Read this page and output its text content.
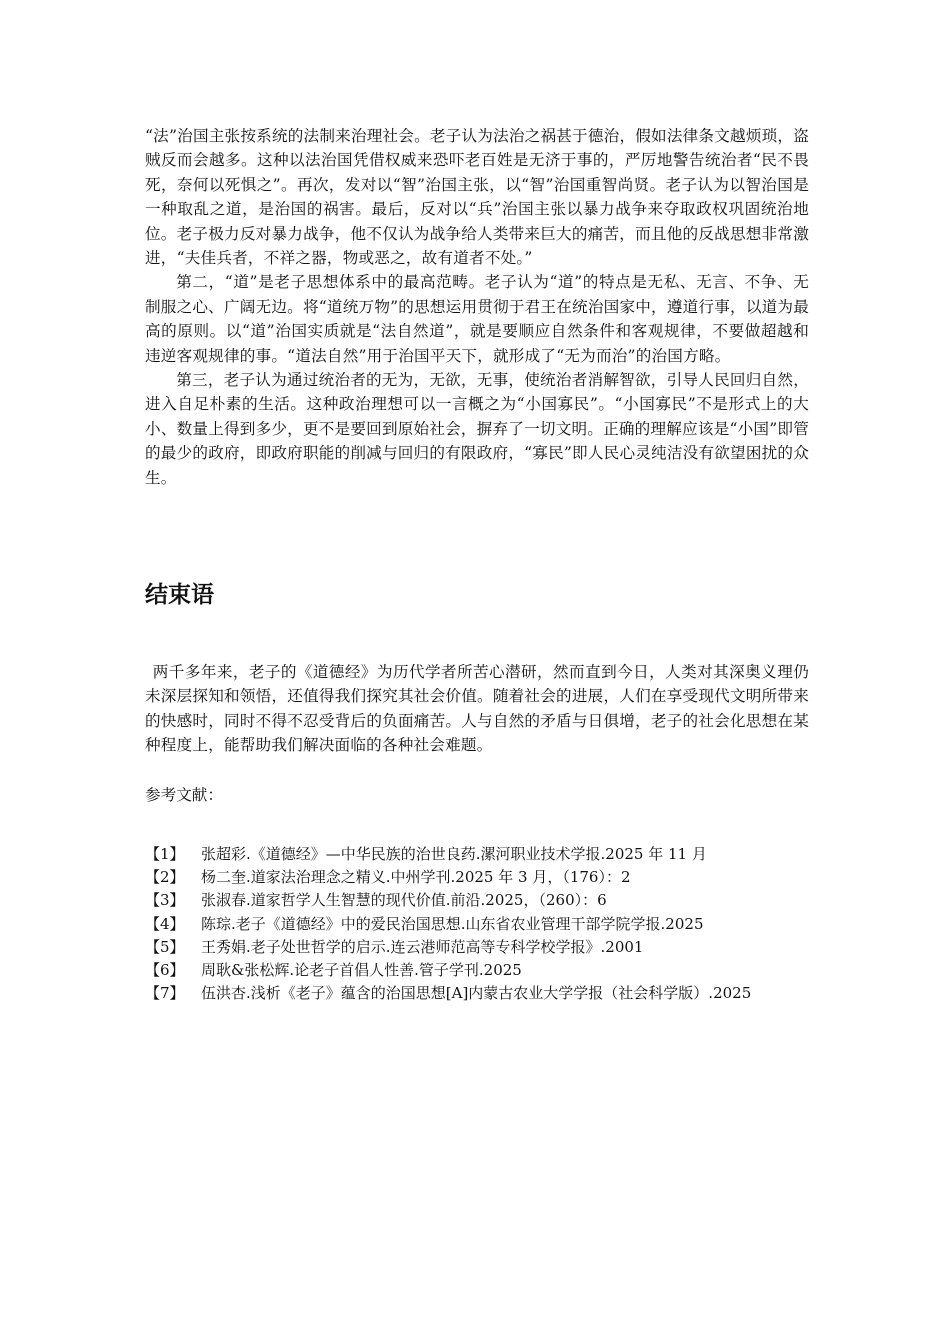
“法”治国主张按系统的法制来治理社会。老子认为法治之祸甚于德治，假如法律条文越烦琐，盗贼反而会越多。这种以法治国凭借权威来恐吓老百姓是无济于事的，严厉地警告统治者“民不畏死，奈何以死惧之”。再次，发对以“智”治国主张，以“智”治国重智尚贤。老子认为以智治国是一种取乱之道，是治国的祸害。最后，反对以“兵”治国主张以暴力战争来夺取政权巩固统治地位。老子极力反对暴力战争，他不仅认为战争给人类带来巨大的痛苦，而且他的反战思想非常激进，“夫佳兵者，不祥之器，物或恶之，故有道者不处。”

第二，“道”是老子思想体系中的最高范畴。老子认为“道”的特点是无私、无言、不争、无制服之心、广阔无边。将“道统万物”的思想运用贯彻于君王在统治国家中，遵道行事，以道为最高的原则。以“道”治国实质就是“法自然道”，就是要顺应自然条件和客观规律，不要做超越和违逆客观规律的事。“道法自然”用于治国平天下，就形成了“无为而治”的治国方略。

第三，老子认为通过统治者的无为，无欲，无事，使统治者消解智欲，引导人民回归自然，进入自足朴素的生活。这种政治理想可以一言概之为“小国寡民”。“小国寡民”不是形式上的大小、数量上得到多少，更不是要回到原始社会，摒弃了一切文明。正确的理解应该是“小国”即管的最少的政府，即政府职能的削减与回归的有限政府，“寡民”即人民心灵纯洁没有欲望困扰的众生。

结束语

两千多年来，老子的《道德经》为历代学者所苦心潜研，然而直到今日，人类对其深奥义理仍未深层探知和领悟，还值得我们探究其社会价值。随着社会的进展，人们在享受现代文明所带来的快感时，同时不得不忍受背后的负面痛苦。人与自然的矛盾与日俱增，老子的社会化思想在某种程度上，能帮助我们解决面临的各种社会难题。

参考文献：

【1】	张超彩.《道德经》—中华民族的治世良药.漯河职业技术学报.2025 年 11 月
【2】	杨二奎.道家法治理念之精义.中州学刊.2025 年 3 月，（176）：2
【3】	张淑春.道家哲学人生智慧的现代价值.前沿.2025，（260）：6
【4】	陈琮.老子《道德经》中的爱民治国思想.山东省农业管理干部学院学报.2025
【5】	王秀娟.老子处世哲学的启示.连云港师范高等专科学校学报》.2001
【6】	周耿&张松辉.论老子首倡人性善.管子学刊.2025
【7】	伍洪杏.浅析《老子》蕴含的治国思想[A]内蒙古农业大学学报（社会科学版）.2025
